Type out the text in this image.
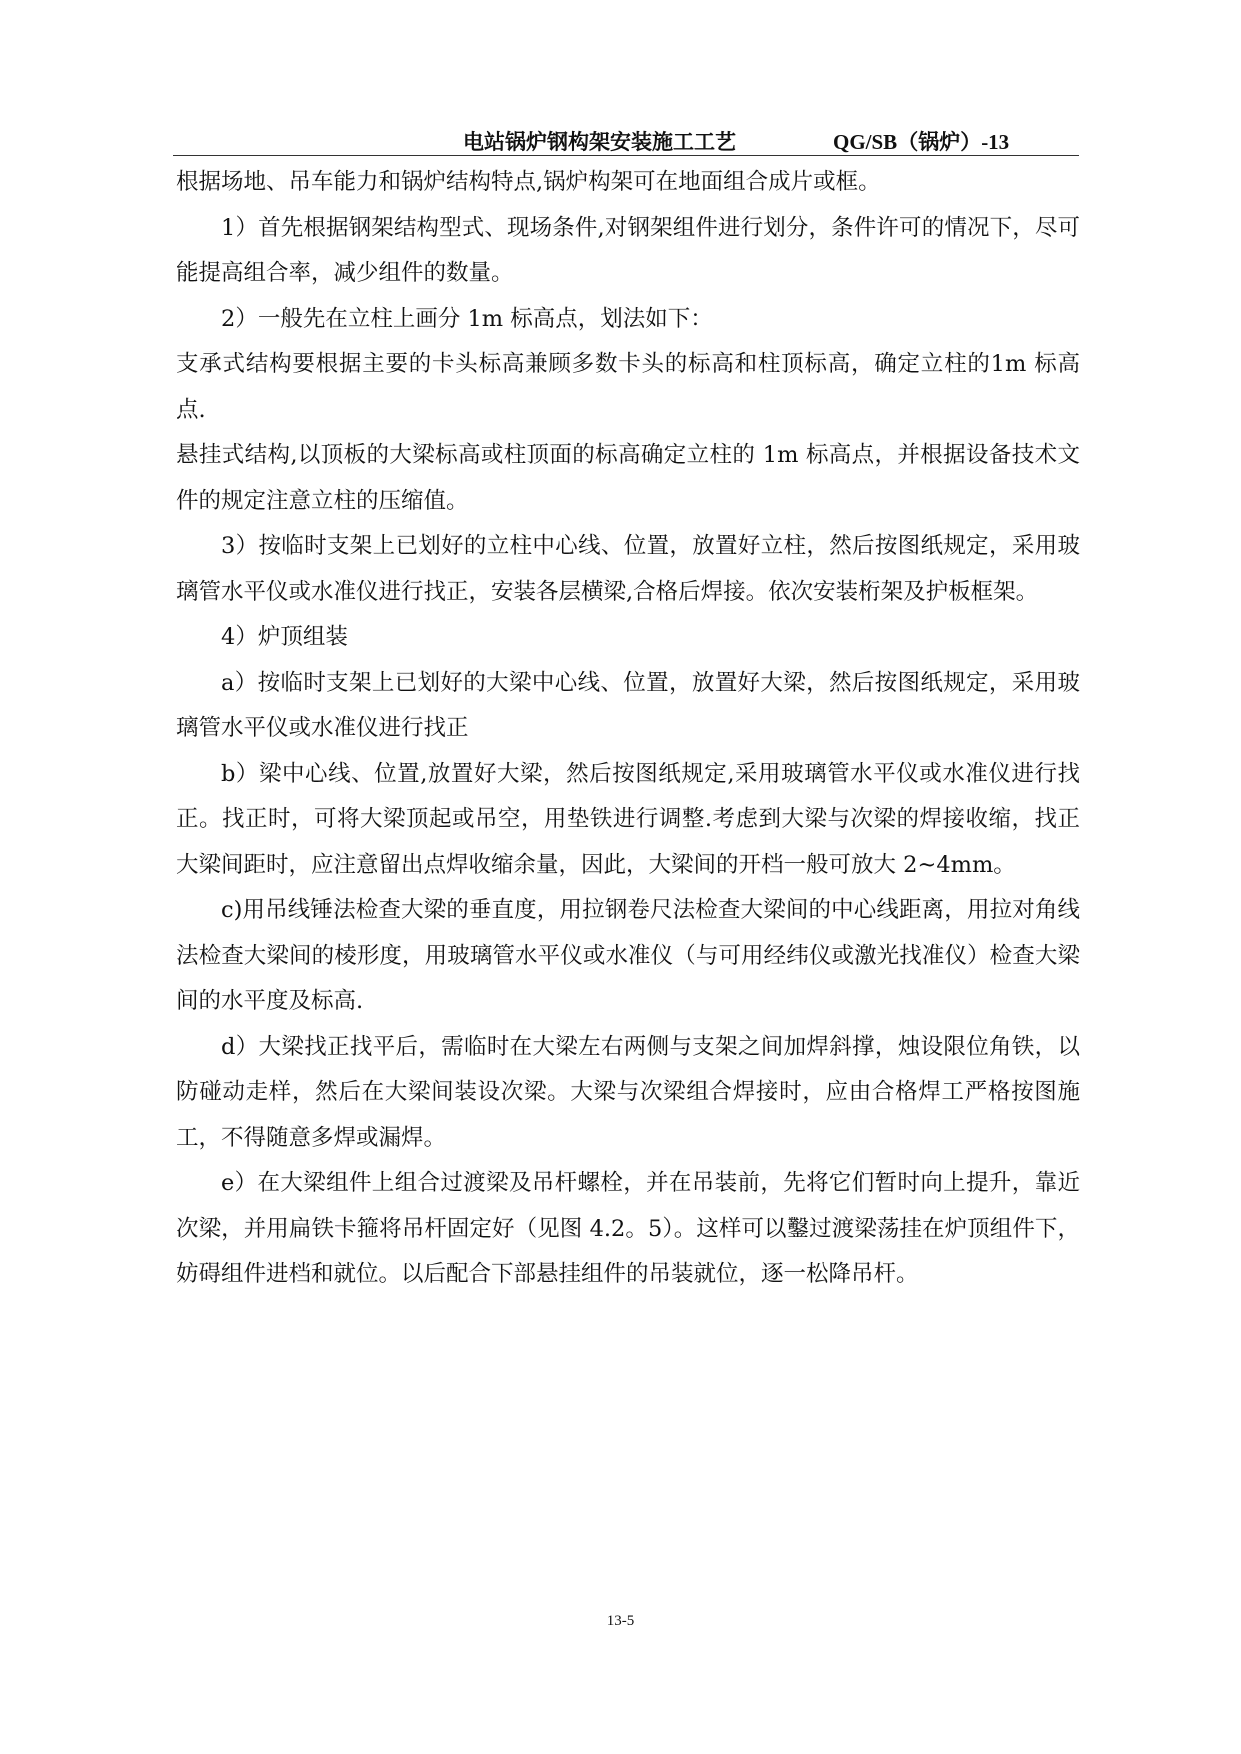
电站锅炉钢构架安装施工工艺	QG/SB（锅炉）-13

根据场地、吊车能力和锅炉结构特点,锅炉构架可在地面组合成片或框。

1）首先根据钢架结构型式、现场条件,对钢架组件进行划分，条件许可的情况下，尽可能提高组合率，减少组件的数量。

2）一般先在立柱上画分 1m 标高点，划法如下：

支承式结构要根据主要的卡头标高兼顾多数卡头的标高和柱顶标高，确定立柱的1m 标高点.

悬挂式结构,以顶板的大梁标高或柱顶面的标高确定立柱的 1m 标高点，并根据设备技术文件的规定注意立柱的压缩值。

3）按临时支架上已划好的立柱中心线、位置，放置好立柱，然后按图纸规定，采用玻璃管水平仪或水准仪进行找正，安装各层横梁,合格后焊接。依次安装桁架及护板框架。

4）炉顶组装

a）按临时支架上已划好的大梁中心线、位置，放置好大梁，然后按图纸规定，采用玻璃管水平仪或水准仪进行找正

b）梁中心线、位置,放置好大梁，然后按图纸规定,采用玻璃管水平仪或水准仪进行找正。找正时，可将大梁顶起或吊空，用垫铁进行调整.考虑到大梁与次梁的焊接收缩，找正大梁间距时，应注意留出点焊收缩余量，因此，大梁间的开档一般可放大 2~4mm。

c)用吊线锤法检查大梁的垂直度，用拉钢卷尺法检查大梁间的中心线距离，用拉对角线法检查大梁间的棱形度，用玻璃管水平仪或水准仪（与可用经纬仪或激光找准仪）检查大梁间的水平度及标高.

d）大梁找正找平后，需临时在大梁左右两侧与支架之间加焊斜撑，烛设限位角铁，以防碰动走样，然后在大梁间装设次梁。大梁与次梁组合焊接时，应由合格焊工严格按图施工，不得随意多焊或漏焊。

e）在大梁组件上组合过渡梁及吊杆螺栓，并在吊装前，先将它们暂时向上提升，靠近次梁，并用扁铁卡箍将吊杆固定好（见图 4.2。5）。这样可以鑿过渡梁荡挂在炉顶组件下，妨碍组件进档和就位。以后配合下部悬挂组件的吊装就位，逐一松降吊杆。

13-5
